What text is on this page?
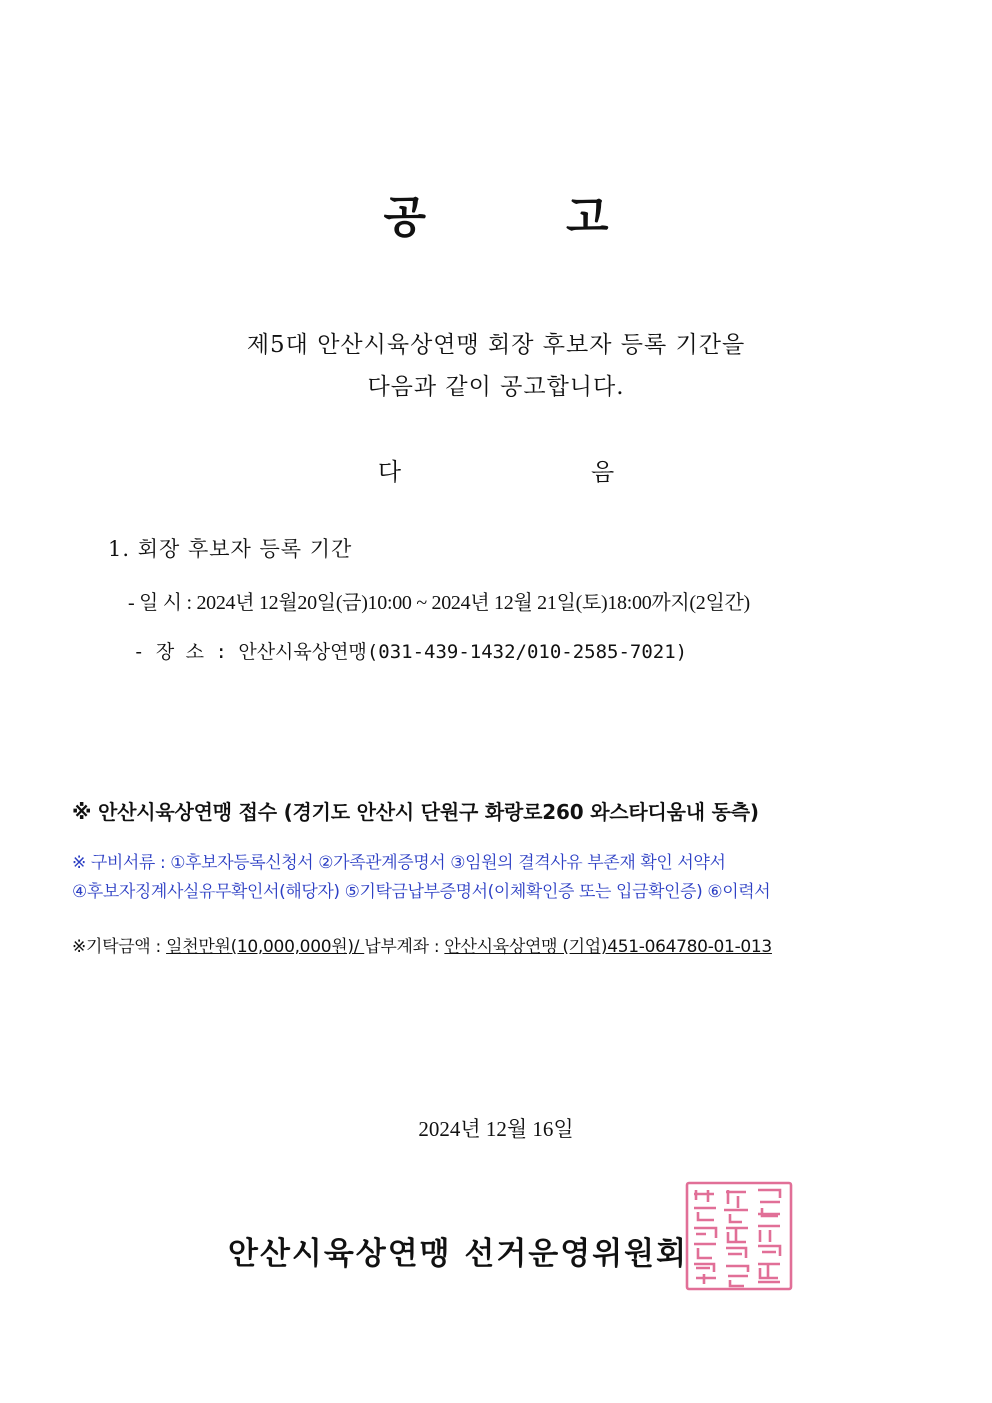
공	고
제5대 안산시육상연맹 회장 후보자 등록 기간을
다음과 같이 공고합니다.
다	음
1. 회장 후보자 등록 기간
- 일 시 : 2024년 12월20일(금)10:00 ~ 2024년 12월 21일(토)18:00까지(2일간)
- 장 소 : 안산시육상연맹(031-439-1432/010-2585-7021)
※ 안산시육상연맹 접수 (경기도 안산시 단원구 화랑로260 와스타디움내 동측)
※ 구비서류 : ①후보자등록신청서 ②가족관계증명서 ③임원의 결격사유 부존재 확인 서약서
④후보자징계사실유무확인서(해당자) ⑤기탁금납부증명서(이체확인증 또는 입금확인증) ⑥이력서
※기탁금액 : 일천만원(10,000,000원)/ 납부계좌 : 안산시육상연맹 (기업)451-064780-01-013
2024년 12월 16일
안산시육상연맹 선거운영위원회
